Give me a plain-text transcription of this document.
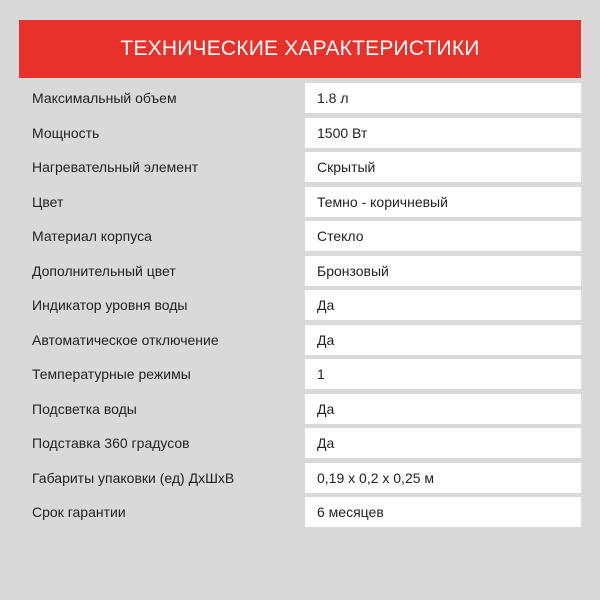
ТЕХНИЧЕСКИЕ ХАРАКТЕРИСТИКИ
Максимальный объем	1.8 л
Мощность	1500 Вт
Нагревательный элемент	Скрытый
Цвет	Темно - коричневый
Материал корпуса	Стекло
Дополнительный цвет	Бронзовый
Индикатор уровня воды	Да
Автоматическое отключение	Да
Температурные режимы	1
Подсветка воды	Да
Подставка 360 градусов	Да
Габариты упаковки (ед) ДхШхВ	0,19 x 0,2 x 0,25 м
Срок гарантии	6 месяцев
